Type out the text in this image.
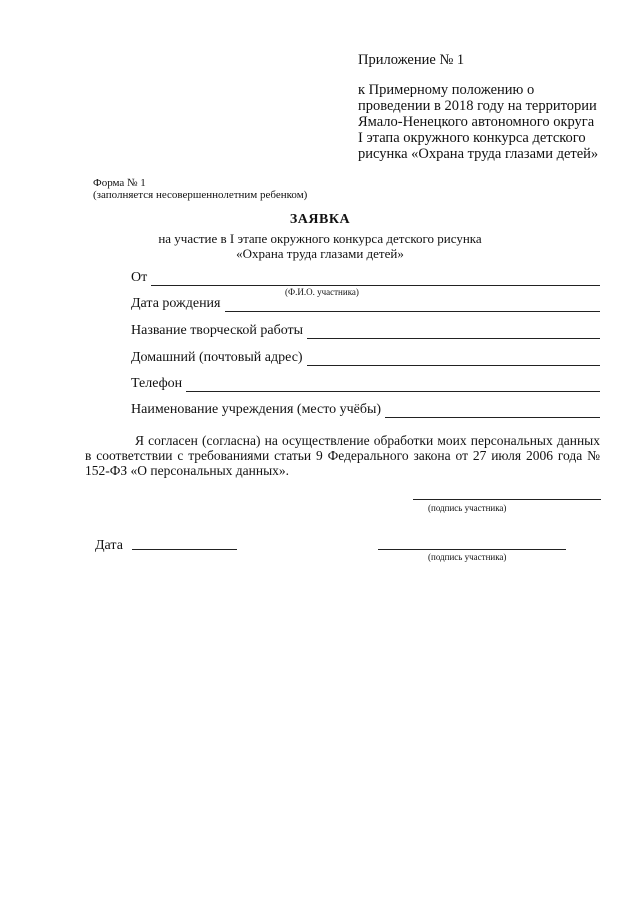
Приложение № 1
к Примерному положению о
проведении в 2018 году на территории
Ямало-Ненецкого автономного округа
I этапа окружного конкурса детского
рисунка «Охрана труда глазами детей»
Форма № 1
(заполняется несовершеннолетним ребенком)
ЗАЯВКА
на участие в I этапе окружного конкурса детского рисунка
«Охрана труда глазами детей»
От
(Ф.И.О. участника)
Дата рождения
Название творческой работы
Домашний (почтовый адрес)
Телефон
Наименование учреждения (место учёбы)

Я согласен (согласна) на осуществление обработки моих персональных данных в соответствии с требованиями статьи 9 Федерального закона от 27 июля 2006 года № 152-ФЗ «О персональных данных».

(подпись участника)
Дата
(подпись участника)
